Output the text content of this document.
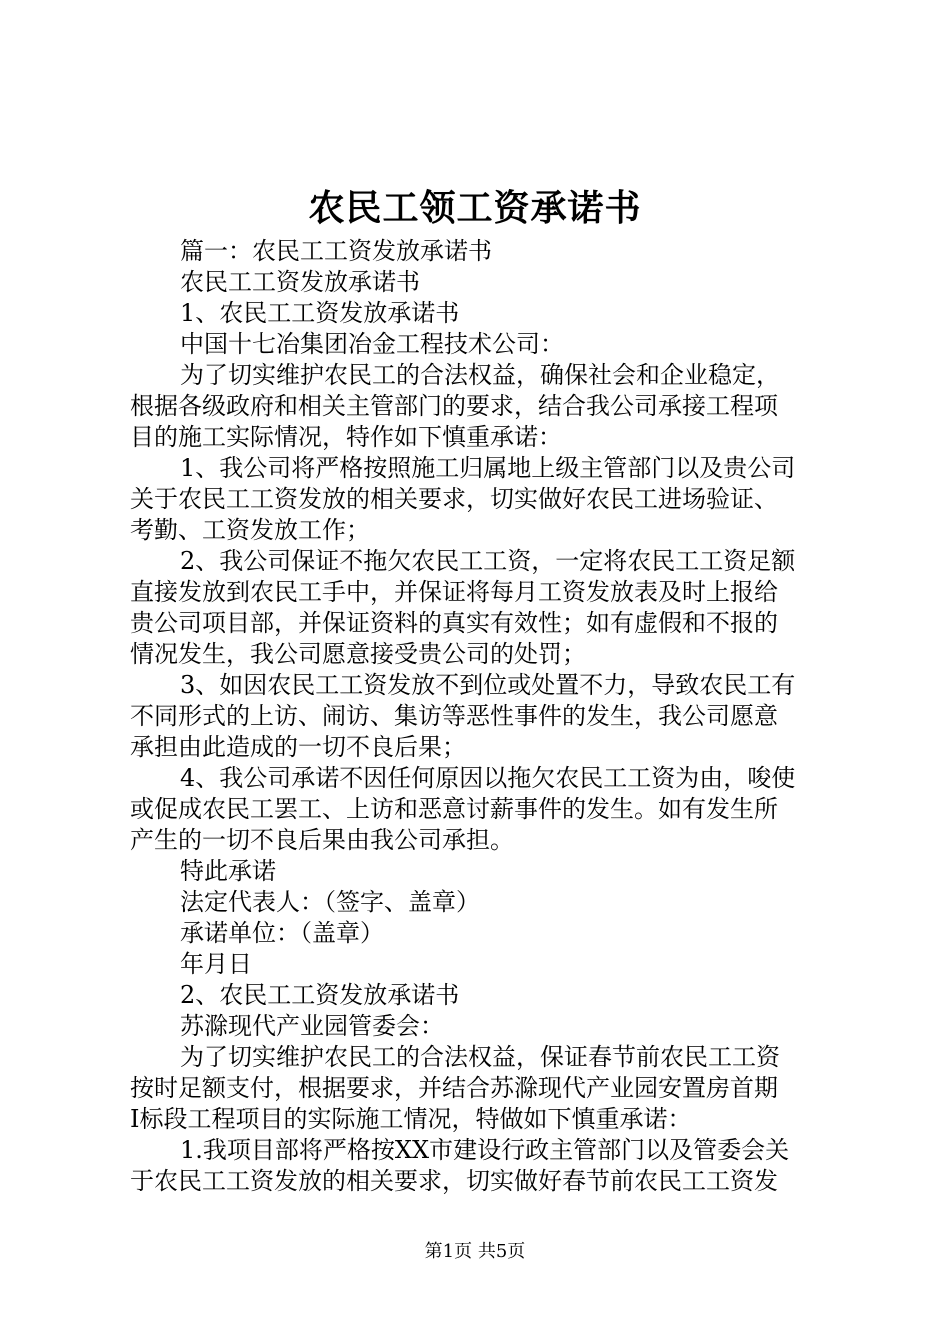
农民工领工资承诺书
篇一：农民工工资发放承诺书
农民工工资发放承诺书
1、农民工工资发放承诺书
中国十七冶集团冶金工程技术公司：
为了切实维护农民工的合法权益，确保社会和企业稳定，
根据各级政府和相关主管部门的要求，结合我公司承接工程项
目的施工实际情况，特作如下慎重承诺：
1、我公司将严格按照施工归属地上级主管部门以及贵公司
关于农民工工资发放的相关要求，切实做好农民工进场验证、
考勤、工资发放工作；
2、我公司保证不拖欠农民工工资，一定将农民工工资足额
直接发放到农民工手中，并保证将每月工资发放表及时上报给
贵公司项目部，并保证资料的真实有效性；如有虚假和不报的
情况发生，我公司愿意接受贵公司的处罚；
3、如因农民工工资发放不到位或处置不力，导致农民工有
不同形式的上访、闹访、集访等恶性事件的发生，我公司愿意
承担由此造成的一切不良后果；
4、我公司承诺不因任何原因以拖欠农民工工资为由，唆使
或促成农民工罢工、上访和恶意讨薪事件的发生。如有发生所
产生的一切不良后果由我公司承担。
特此承诺
法定代表人：（签字、盖章）
承诺单位：（盖章）
年月日
2、农民工工资发放承诺书
苏滁现代产业园管委会：
为了切实维护农民工的合法权益，保证春节前农民工工资
按时足额支付，根据要求，并结合苏滁现代产业园安置房首期
Ⅰ标段工程项目的实际施工情况，特做如下慎重承诺：
1.我项目部将严格按XX市建设行政主管部门以及管委会关
于农民工工资发放的相关要求，切实做好春节前农民工工资发
第1页 共5页
